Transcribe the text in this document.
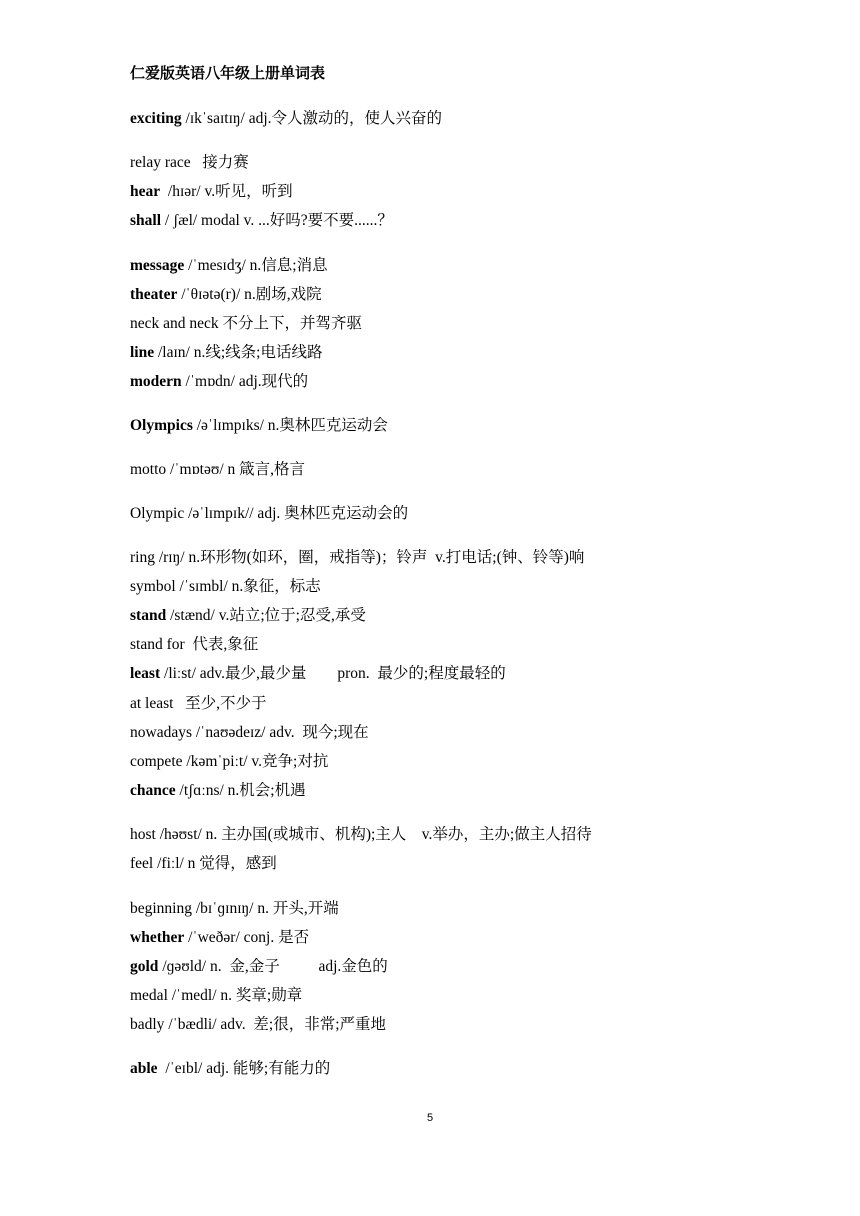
仁爱版英语八年级上册单词表
exciting /ɪkˈsaɪtɪŋ/ adj.令人激动的，使人兴奋的
relay race   接力赛
hear  /hɪər/ v.听见，听到
shall / ʃæl/ modal v. ...好吗?要不要......？
message /ˈmesɪdʒ/ n.信息;消息
theater /ˈθɪətə(r)/ n.剧场,戏院
neck and neck 不分上下，并驾齐驱
line /laɪn/ n.线;线条;电话线路
modern /ˈmɒdn/ adj.现代的
Olympics /əˈlɪmpɪks/ n.奥林匹克运动会
motto /ˈmɒtəʊ/ n 箴言,格言
Olympic /əˈlɪmpɪk// adj. 奥林匹克运动会的
ring /rɪŋ/ n.环形物(如环，圈，戒指等)；铃声  v.打电话;(钟、铃等)响
symbol /ˈsɪmbl/ n.象征，标志
stand /stænd/ v.站立;位于;忍受,承受
stand for  代表,象征
least /liːst/ adv.最少,最少量        pron.  最少的;程度最轻的
at least   至少,不少于
nowadays /ˈnaʊədeɪz/ adv.  现今;现在
compete /kəmˈpiːt/ v.竞争;对抗
chance /tʃɑːns/ n.机会;机遇
host /həʊst/ n. 主办国(或城市、机构);主人    v.举办，主办;做主人招待
feel /fiːl/ n 觉得，感到
beginning /bɪˈɡɪnɪŋ/ n. 开头,开端
whether /ˈweðər/ conj. 是否
gold /ɡəʊld/ n.  金,金子          adj.金色的
medal /ˈmedl/ n. 奖章;勋章
badly /ˈbædli/ adv.  差;很，非常;严重地
able  /ˈeɪbl/ adj. 能够;有能力的
5
